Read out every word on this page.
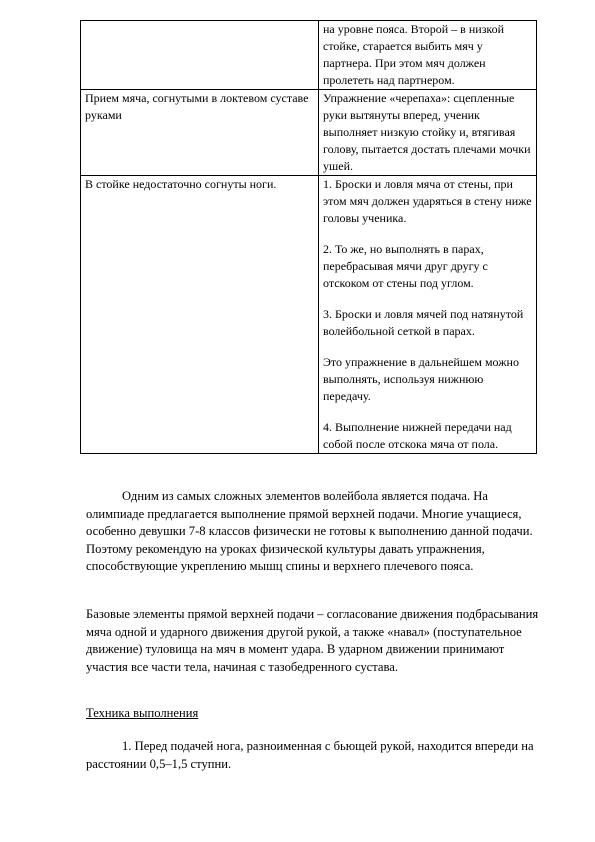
	на уровне пояса. Второй – в низкой стойке, старается выбить мяч у партнера. При этом мяч должен пролететь над партнером.
Прием мяча, согнутыми в локтевом суставе руками	Упражнение «черепаха»: сцепленные руки вытянуты вперед, ученик выполняет низкую стойку и, втягивая голову, пытается достать плечами мочки ушей.
В стойке недостаточно согнуты ноги.	1. Броски и ловля мяча от стены, при этом мяч должен ударяться в стену ниже головы ученика.

2. То же, но выполнять в парах, перебрасывая мячи друг другу с отскоком от стены под углом.

3. Броски и ловля мячей под натянутой волейбольной сеткой в парах.

Это упражнение в дальнейшем можно выполнять, используя нижнюю передачу.

4. Выполнение нижней передачи над собой после отскока мяча от пола.

Одним из самых сложных элементов волейбола является подача. На олимпиаде предлагается выполнение прямой верхней подачи. Многие учащиеся, особенно девушки 7-8 классов физически не готовы к выполнению данной подачи. Поэтому рекомендую на уроках физической культуры давать упражнения, способствующие укреплению мышц спины и верхнего плечевого пояса.

Базовые элементы прямой верхней подачи – согласование движения подбрасывания мяча одной и ударного движения другой рукой, а также «навал» (поступательное движение) туловища на мяч в момент удара. В ударном движении принимают участия все части тела, начиная с тазобедренного сустава.

Техника выполнения

1. Перед подачей нога, разноименная с бьющей рукой, находится впереди на расстоянии 0,5–1,5 ступни.
